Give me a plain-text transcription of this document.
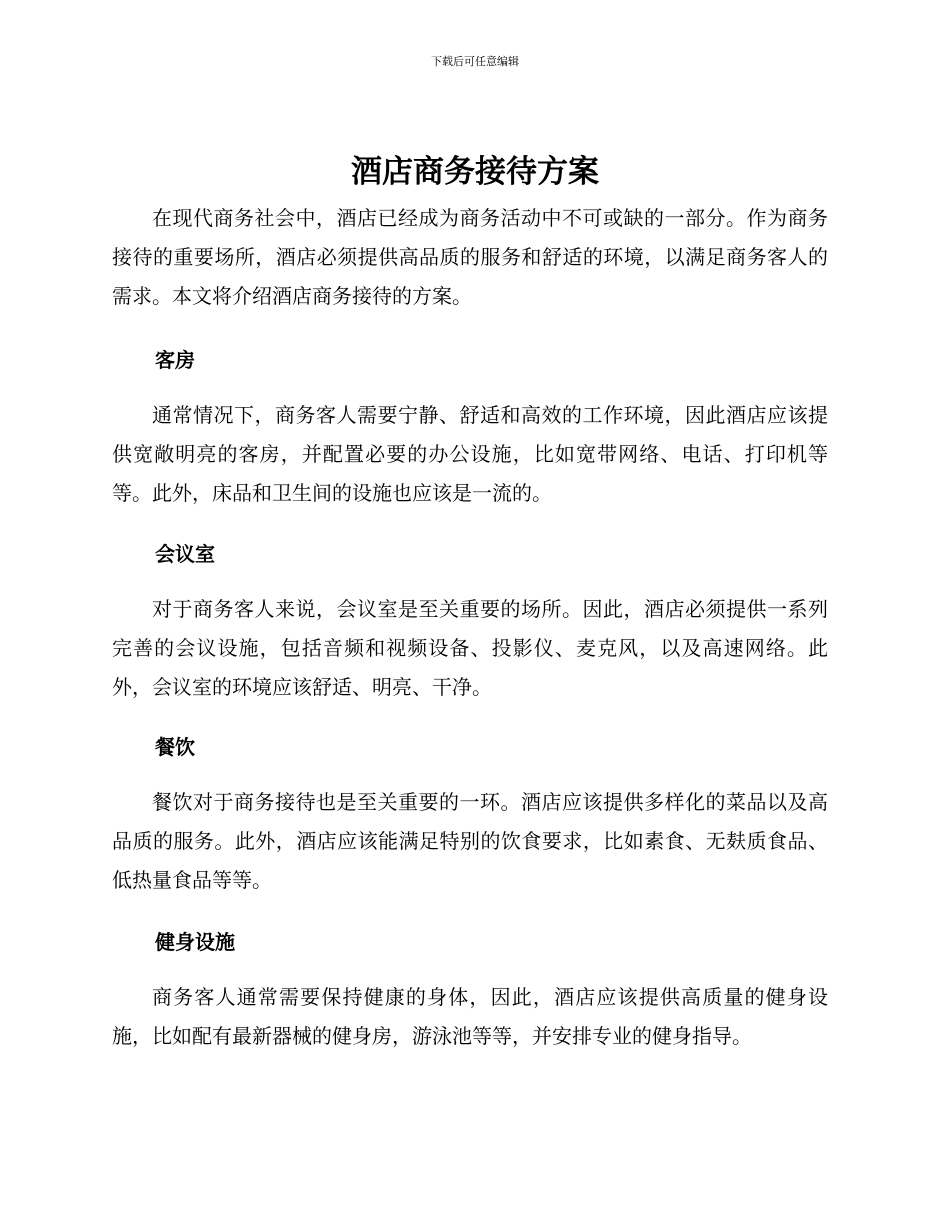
下载后可任意编辑
酒店商务接待方案

在现代商务社会中，酒店已经成为商务活动中不可或缺的一部分。作为商务接待的重要场所，酒店必须提供高品质的服务和舒适的环境，以满足商务客人的需求。本文将介绍酒店商务接待的方案。

客房

通常情况下，商务客人需要宁静、舒适和高效的工作环境，因此酒店应该提供宽敞明亮的客房，并配置必要的办公设施，比如宽带网络、电话、打印机等等。此外，床品和卫生间的设施也应该是一流的。

会议室

对于商务客人来说，会议室是至关重要的场所。因此，酒店必须提供一系列完善的会议设施，包括音频和视频设备、投影仪、麦克风，以及高速网络。此外，会议室的环境应该舒适、明亮、干净。

餐饮

餐饮对于商务接待也是至关重要的一环。酒店应该提供多样化的菜品以及高品质的服务。此外，酒店应该能满足特别的饮食要求，比如素食、无麸质食品、低热量食品等等。

健身设施

商务客人通常需要保持健康的身体，因此，酒店应该提供高质量的健身设施，比如配有最新器械的健身房，游泳池等等，并安排专业的健身指导。
